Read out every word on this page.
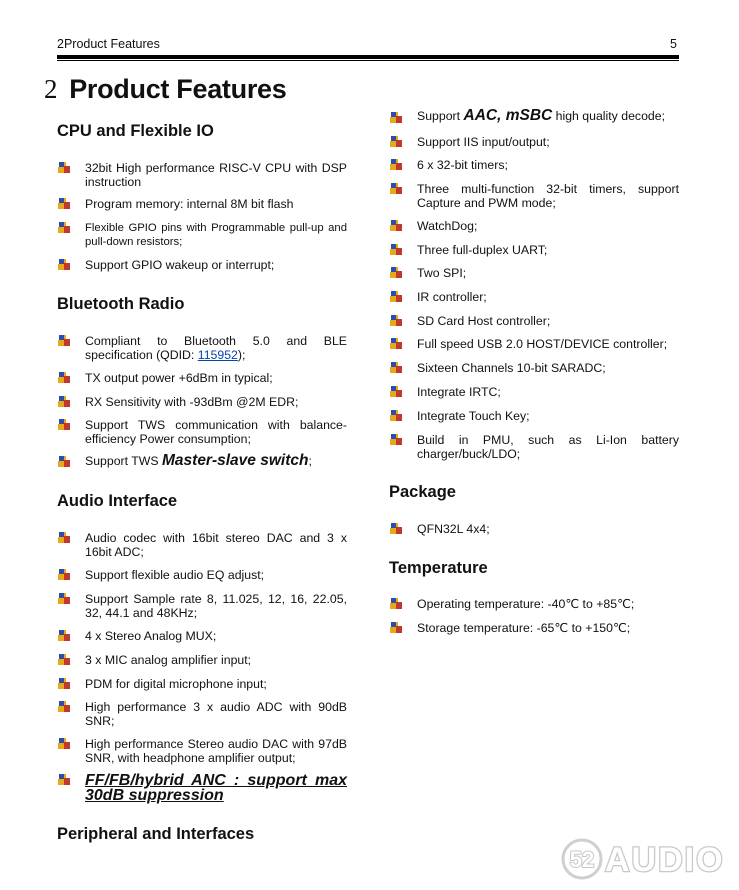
2Product Features	5
2 Product Features
CPU and Flexible IO
32bit High performance RISC-V CPU with DSP instruction
Program memory: internal 8M bit flash
Flexible GPIO pins with Programmable pull-up and pull-down resistors;
Support GPIO wakeup or interrupt;
Bluetooth Radio
Compliant to Bluetooth 5.0 and BLE specification (QDID: 115952);
TX output power +6dBm in typical;
RX Sensitivity with -93dBm @2M EDR;
Support TWS communication with balance-efficiency Power consumption;
Support TWS Master-slave switch;
Audio Interface
Audio codec with 16bit stereo DAC and 3 x 16bit ADC;
Support flexible audio EQ adjust;
Support Sample rate 8, 11.025, 12, 16, 22.05, 32, 44.1 and 48KHz;
4 x Stereo Analog MUX;
3 x MIC analog amplifier input;
PDM for digital microphone input;
High performance 3 x audio ADC with 90dB SNR;
High performance Stereo audio DAC with 97dB SNR, with headphone amplifier output;
FF/FB/hybrid ANC : support max 30dB suppression
Peripheral and Interfaces
Support AAC, mSBC high quality decode;
Support IIS input/output;
6 x 32-bit timers;
Three multi-function 32-bit timers, support Capture and PWM mode;
WatchDog;
Three full-duplex UART;
Two SPI;
IR controller;
SD Card Host controller;
Full speed USB 2.0 HOST/DEVICE controller;
Sixteen Channels 10-bit SARADC;
Integrate IRTC;
Integrate Touch Key;
Build in PMU, such as Li-Ion battery charger/buck/LDO;
Package
QFN32L 4x4;
Temperature
Operating temperature: -40℃ to +85℃;
Storage temperature: -65℃ to +150℃;
52 AUDIO
